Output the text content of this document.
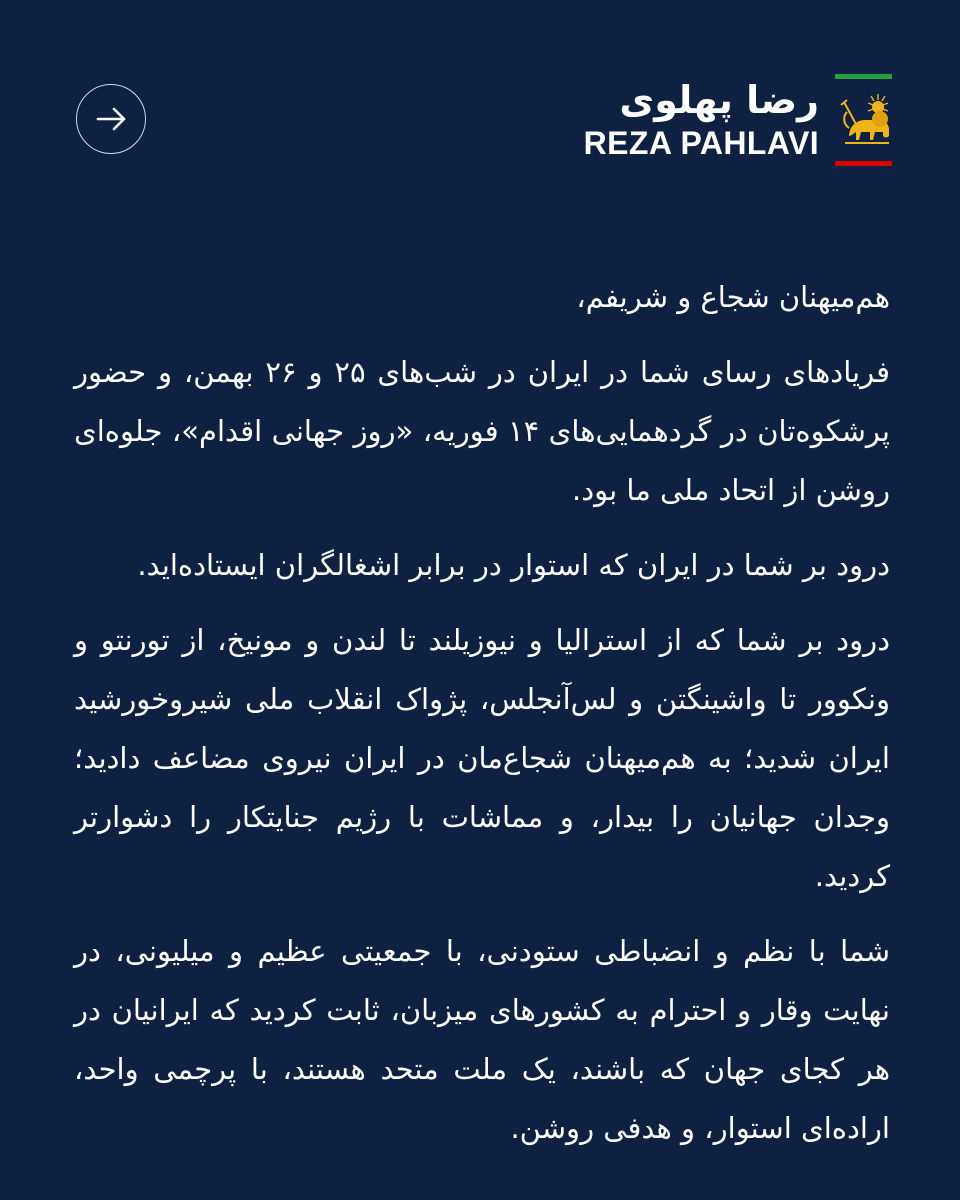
رضا پهلوی
REZA PAHLAVI

هم‌میهنان شجاع و شریفم،

فریادهای رسای شما در ایران در شب‌های ۲۵ و ۲۶ بهمن، و حضور پرشکوه‌تان در گردهمایی‌های ۱۴ فوریه، «روز جهانی اقدام»، جلوه‌ای روشن از اتحاد ملی ما بود.

درود بر شما در ایران که استوار در برابر اشغالگران ایستاده‌اید.

درود بر شما که از استرالیا و نیوزیلند تا لندن و مونیخ، از تورنتو و ونکوور تا واشینگتن و لس‌آنجلس، پژواک انقلاب ملی شیروخورشید ایران شدید؛ به هم‌میهنان شجاع‌مان در ایران نیروی مضاعف دادید؛ وجدان جهانیان را بیدار، و مماشات با رژیم جنایتکار را دشوارتر کردید.

شما با نظم و انضباطی ستودنی، با جمعیتی عظیم و میلیونی، در نهایت وقار و احترام به کشورهای میزبان، ثابت کردید که ایرانیان در هر کجای جهان که باشند، یک ملت متحد هستند، با پرچمی واحد، اراده‌ای استوار، و هدفی روشن.
